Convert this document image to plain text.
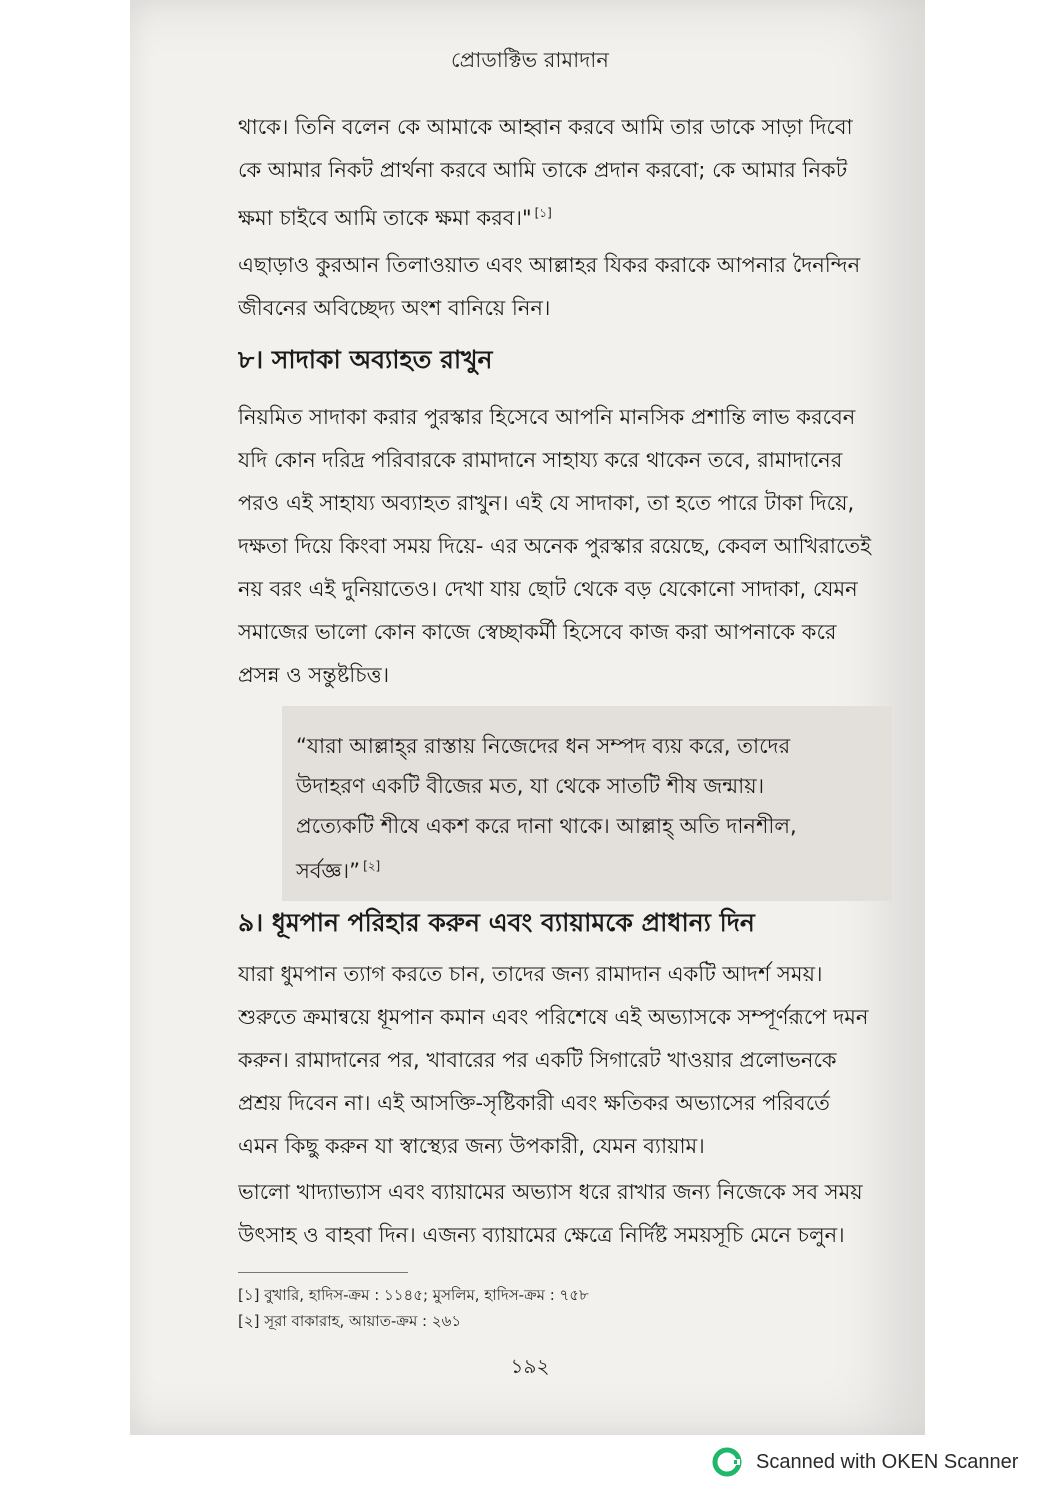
প্রোডাক্টিভ রামাদান

থাকে। তিনি বলেন কে আমাকে আহ্বান করবে আমি তার ডাকে সাড়া দিবো

কে আমার নিকট প্রার্থনা করবে আমি তাকে প্রদান করবো; কে আমার নিকট

ক্ষমা চাইবে আমি তাকে ক্ষমা করব।" [১]

এছাড়াও কুরআন তিলাওয়াত এবং আল্লাহর যিকর করাকে আপনার দৈনন্দিন

জীবনের অবিচ্ছেদ্য অংশ বানিয়ে নিন।

৮। সাদাকা অব্যাহত রাখুন

নিয়মিত সাদাকা করার পুরস্কার হিসেবে আপনি মানসিক প্রশান্তি লাভ করবেন

যদি কোন দরিদ্র পরিবারকে রামাদানে সাহায্য করে থাকেন তবে, রামাদানের

পরও এই সাহায্য অব্যাহত রাখুন। এই যে সাদাকা, তা হতে পারে টাকা দিয়ে,

দক্ষতা দিয়ে কিংবা সময় দিয়ে- এর অনেক পুরস্কার রয়েছে, কেবল আখিরাতেই

নয় বরং এই দুনিয়াতেও। দেখা যায় ছোট থেকে বড় যেকোনো সাদাকা, যেমন

সমাজের ভালো কোন কাজে স্বেচ্ছাকর্মী হিসেবে কাজ করা আপনাকে করে

প্রসন্ন ও সন্তুষ্টচিত্ত।

“যারা আল্লাহ্‌র রাস্তায় নিজেদের ধন সম্পদ ব্যয় করে, তাদের
উদাহরণ একটি বীজের মত, যা থেকে সাতটি শীষ জন্মায়।
প্রত্যেকটি শীষে একশ করে দানা থাকে। আল্লাহ্‌ অতি দানশীল,
সর্বজ্ঞ।” [২]

৯। ধূমপান পরিহার করুন এবং ব্যায়ামকে প্রাধান্য দিন

যারা ধুমপান ত্যাগ করতে চান, তাদের জন্য রামাদান একটি আদর্শ সময়।

শুরুতে ক্রমান্বয়ে ধূমপান কমান এবং পরিশেষে এই অভ্যাসকে সম্পূর্ণরূপে দমন

করুন। রামাদানের পর, খাবারের পর একটি সিগারেট খাওয়ার প্রলোভনকে

প্রশ্রয় দিবেন না। এই আসক্তি-সৃষ্টিকারী এবং ক্ষতিকর অভ্যাসের পরিবর্তে

এমন কিছু করুন যা স্বাস্থ্যের জন্য উপকারী, যেমন ব্যায়াম।

ভালো খাদ্যাভ্যাস এবং ব্যায়ামের অভ্যাস ধরে রাখার জন্য নিজেকে সব সময়

উৎসাহ ও বাহবা দিন। এজন্য ব্যায়ামের ক্ষেত্রে নির্দিষ্ট সময়সূচি মেনে চলুন।

[১] বুখারি, হাদিস-ক্রম : ১১৪৫; মুসলিম, হাদিস-ক্রম : ৭৫৮
[২] সূরা বাকারাহ, আয়াত-ক্রম : ২৬১
১৯২
Scanned with OKEN Scanner
